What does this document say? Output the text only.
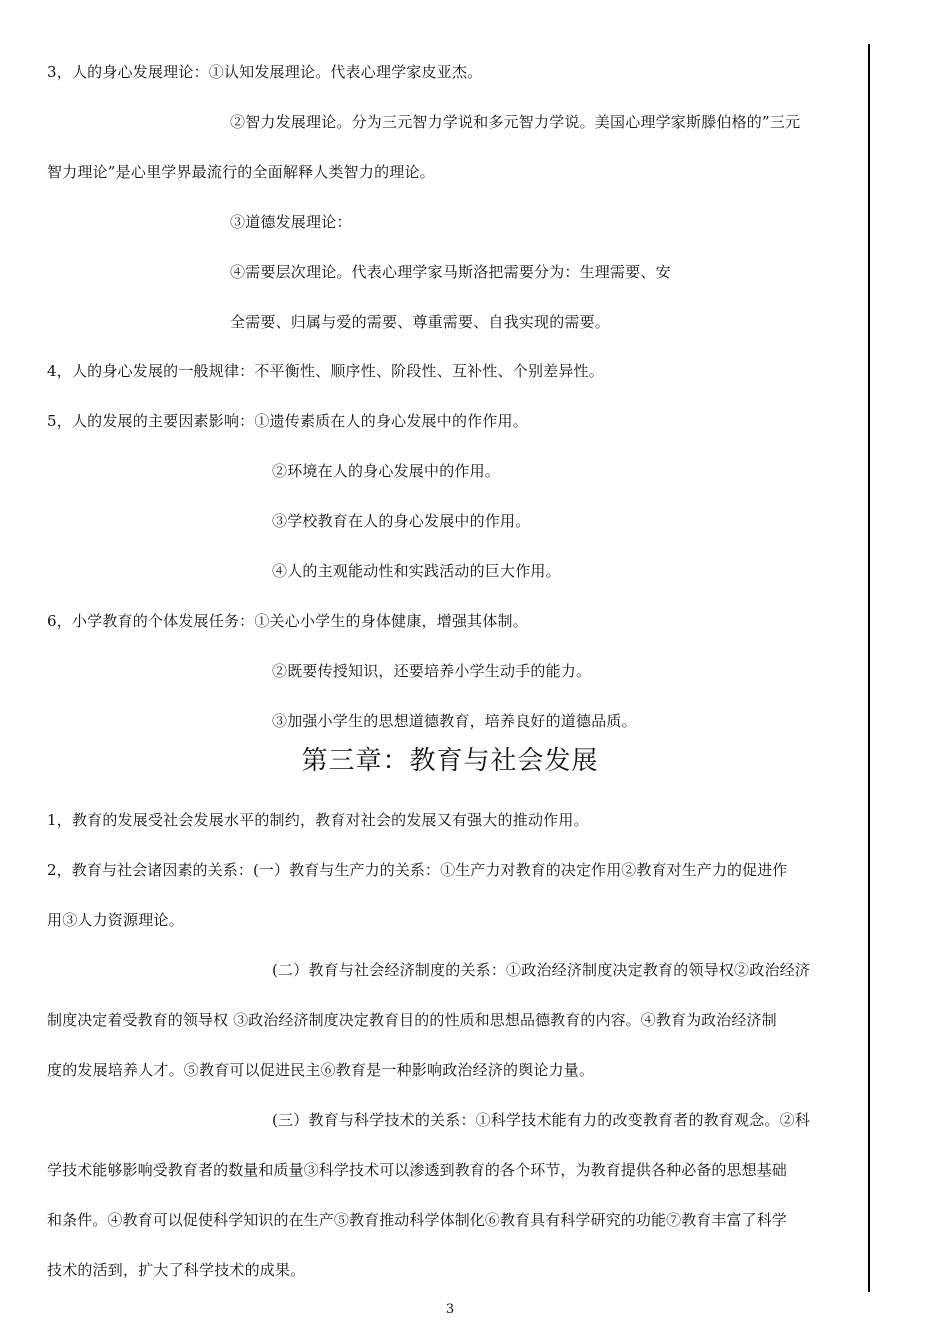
3，人的身心发展理论：①认知发展理论。代表心理学家皮亚杰。
②智力发展理论。分为三元智力学说和多元智力学说。美国心理学家斯滕伯格的”三元
智力理论”是心里学界最流行的全面解释人类智力的理论。
③道德发展理论：
④需要层次理论。代表心理学家马斯洛把需要分为：生理需要、安
全需要、归属与爱的需要、尊重需要、自我实现的需要。
4，人的身心发展的一般规律：不平衡性、顺序性、阶段性、互补性、个别差异性。
5，人的发展的主要因素影响：①遗传素质在人的身心发展中的作作用。
②环境在人的身心发展中的作用。
③学校教育在人的身心发展中的作用。
④人的主观能动性和实践活动的巨大作用。
6，小学教育的个体发展任务：①关心小学生的身体健康，增强其体制。
②既要传授知识，还要培养小学生动手的能力。
③加强小学生的思想道德教育，培养良好的道德品质。
第三章：教育与社会发展
1，教育的发展受社会发展水平的制约，教育对社会的发展又有强大的推动作用。
2，教育与社会诸因素的关系：(一）教育与生产力的关系：①生产力对教育的决定作用②教育对生产力的促进作
用③人力资源理论。
(二）教育与社会经济制度的关系：①政治经济制度决定教育的领导权②政治经济
制度决定着受教育的领导权 ③政治经济制度决定教育目的的性质和思想品德教育的内容。④教育为政治经济制
度的发展培养人才。⑤教育可以促进民主⑥教育是一种影响政治经济的舆论力量。
(三）教育与科学技术的关系：①科学技术能有力的改变教育者的教育观念。②科
学技术能够影响受教育者的数量和质量③科学技术可以渗透到教育的各个环节，为教育提供各种必备的思想基础
和条件。④教育可以促使科学知识的在生产⑤教育推动科学体制化⑥教育具有科学研究的功能⑦教育丰富了科学
技术的活到，扩大了科学技术的成果。
3
